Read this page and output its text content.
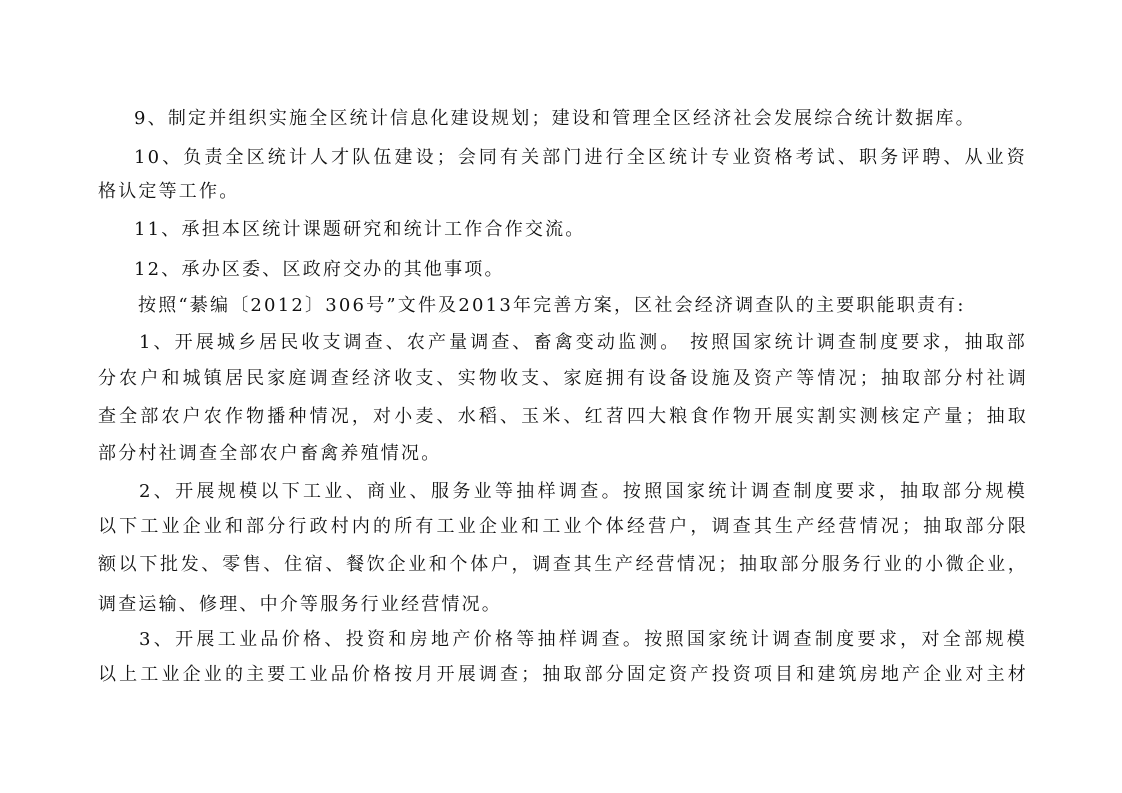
9、制定并组织实施全区统计信息化建设规划；建设和管理全区经济社会发展综合统计数据库。
10、负责全区统计人才队伍建设；会同有关部门进行全区统计专业资格考试、职务评聘、从业资
格认定等工作。
11、承担本区统计课题研究和统计工作合作交流。
12、承办区委、区政府交办的其他事项。
按照“綦编〔2012〕306号”文件及2013年完善方案，区社会经济调查队的主要职能职责有:
1、开展城乡居民收支调查、农产量调查、畜禽变动监测。 按照国家统计调查制度要求，抽取部
分农户和城镇居民家庭调查经济收支、实物收支、家庭拥有设备设施及资产等情况；抽取部分村社调
查全部农户农作物播种情况，对小麦、水稻、玉米、红苕四大粮食作物开展实割实测核定产量；抽取
部分村社调查全部农户畜禽养殖情况。
2、开展规模以下工业、商业、服务业等抽样调查。按照国家统计调查制度要求，抽取部分规模
以下工业企业和部分行政村内的所有工业企业和工业个体经营户，调查其生产经营情况；抽取部分限
额以下批发、零售、住宿、餐饮企业和个体户，调查其生产经营情况；抽取部分服务行业的小微企业，
调查运输、修理、中介等服务行业经营情况。
3、开展工业品价格、投资和房地产价格等抽样调查。按照国家统计调查制度要求，对全部规模
以上工业企业的主要工业品价格按月开展调查；抽取部分固定资产投资项目和建筑房地产企业对主材
